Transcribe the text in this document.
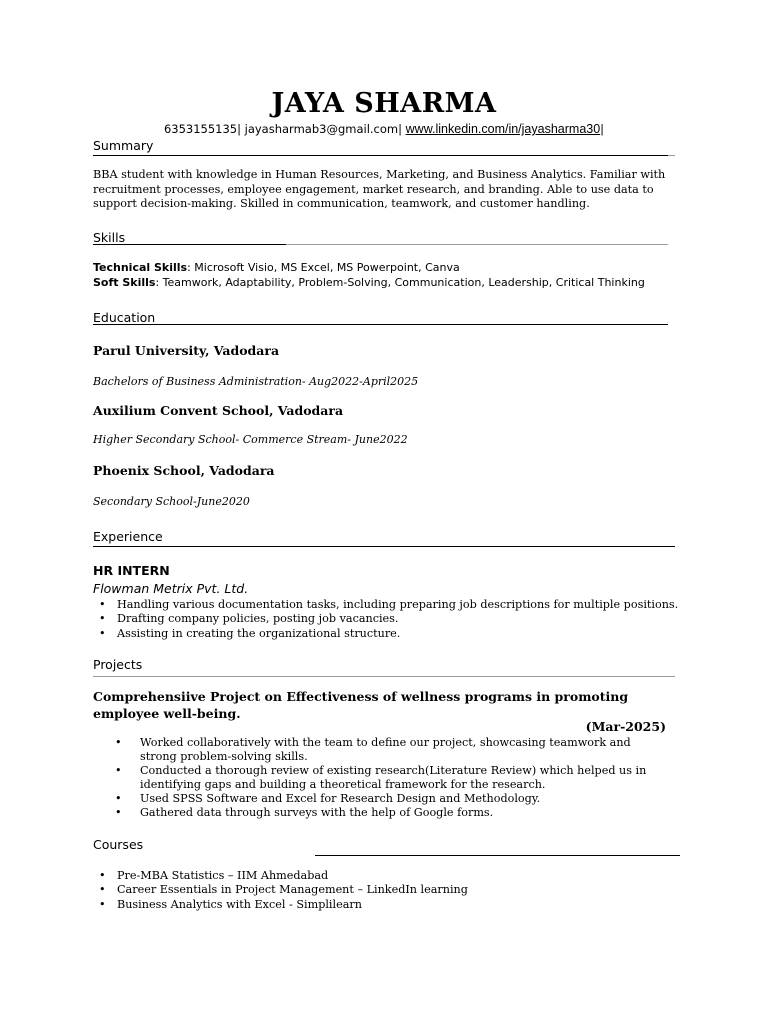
JAYA SHARMA
6353155135| jayasharmab3@gmail.com| www.linkedin.com/in/jayasharma30|
Summary
BBA student with knowledge in Human Resources, Marketing, and Business Analytics. Familiar with recruitment processes, employee engagement, market research, and branding. Able to use data to support decision-making. Skilled in communication, teamwork, and customer handling.
Skills
Technical Skills: Microsoft Visio, MS Excel, MS Powerpoint, Canva
Soft Skills: Teamwork, Adaptability, Problem-Solving, Communication, Leadership, Critical Thinking
Education
Parul University, Vadodara
Bachelors of Business Administration- Aug2022-April2025
Auxilium Convent School, Vadodara
Higher Secondary School- Commerce Stream- June2022
Phoenix School, Vadodara
Secondary School-June2020
Experience
HR INTERN
Flowman Metrix Pvt. Ltd.
• Handling various documentation tasks, including preparing job descriptions for multiple positions.
• Drafting company policies, posting job vacancies.
• Assisting in creating the organizational structure.
Projects
Comprehensiive Project on Effectiveness of wellness programs in promoting employee well-being.
(Mar-2025)
• Worked collaboratively with the team to define our project, showcasing teamwork and strong problem-solving skills.
• Conducted a thorough review of existing research(Literature Review) which helped us in identifying gaps and building a theoretical framework for the research.
• Used SPSS Software and Excel for Research Design and Methodology.
• Gathered data through surveys with the help of Google forms.
Courses
• Pre-MBA Statistics – IIM Ahmedabad
• Career Essentials in Project Management – LinkedIn learning
• Business Analytics with Excel - Simplilearn
